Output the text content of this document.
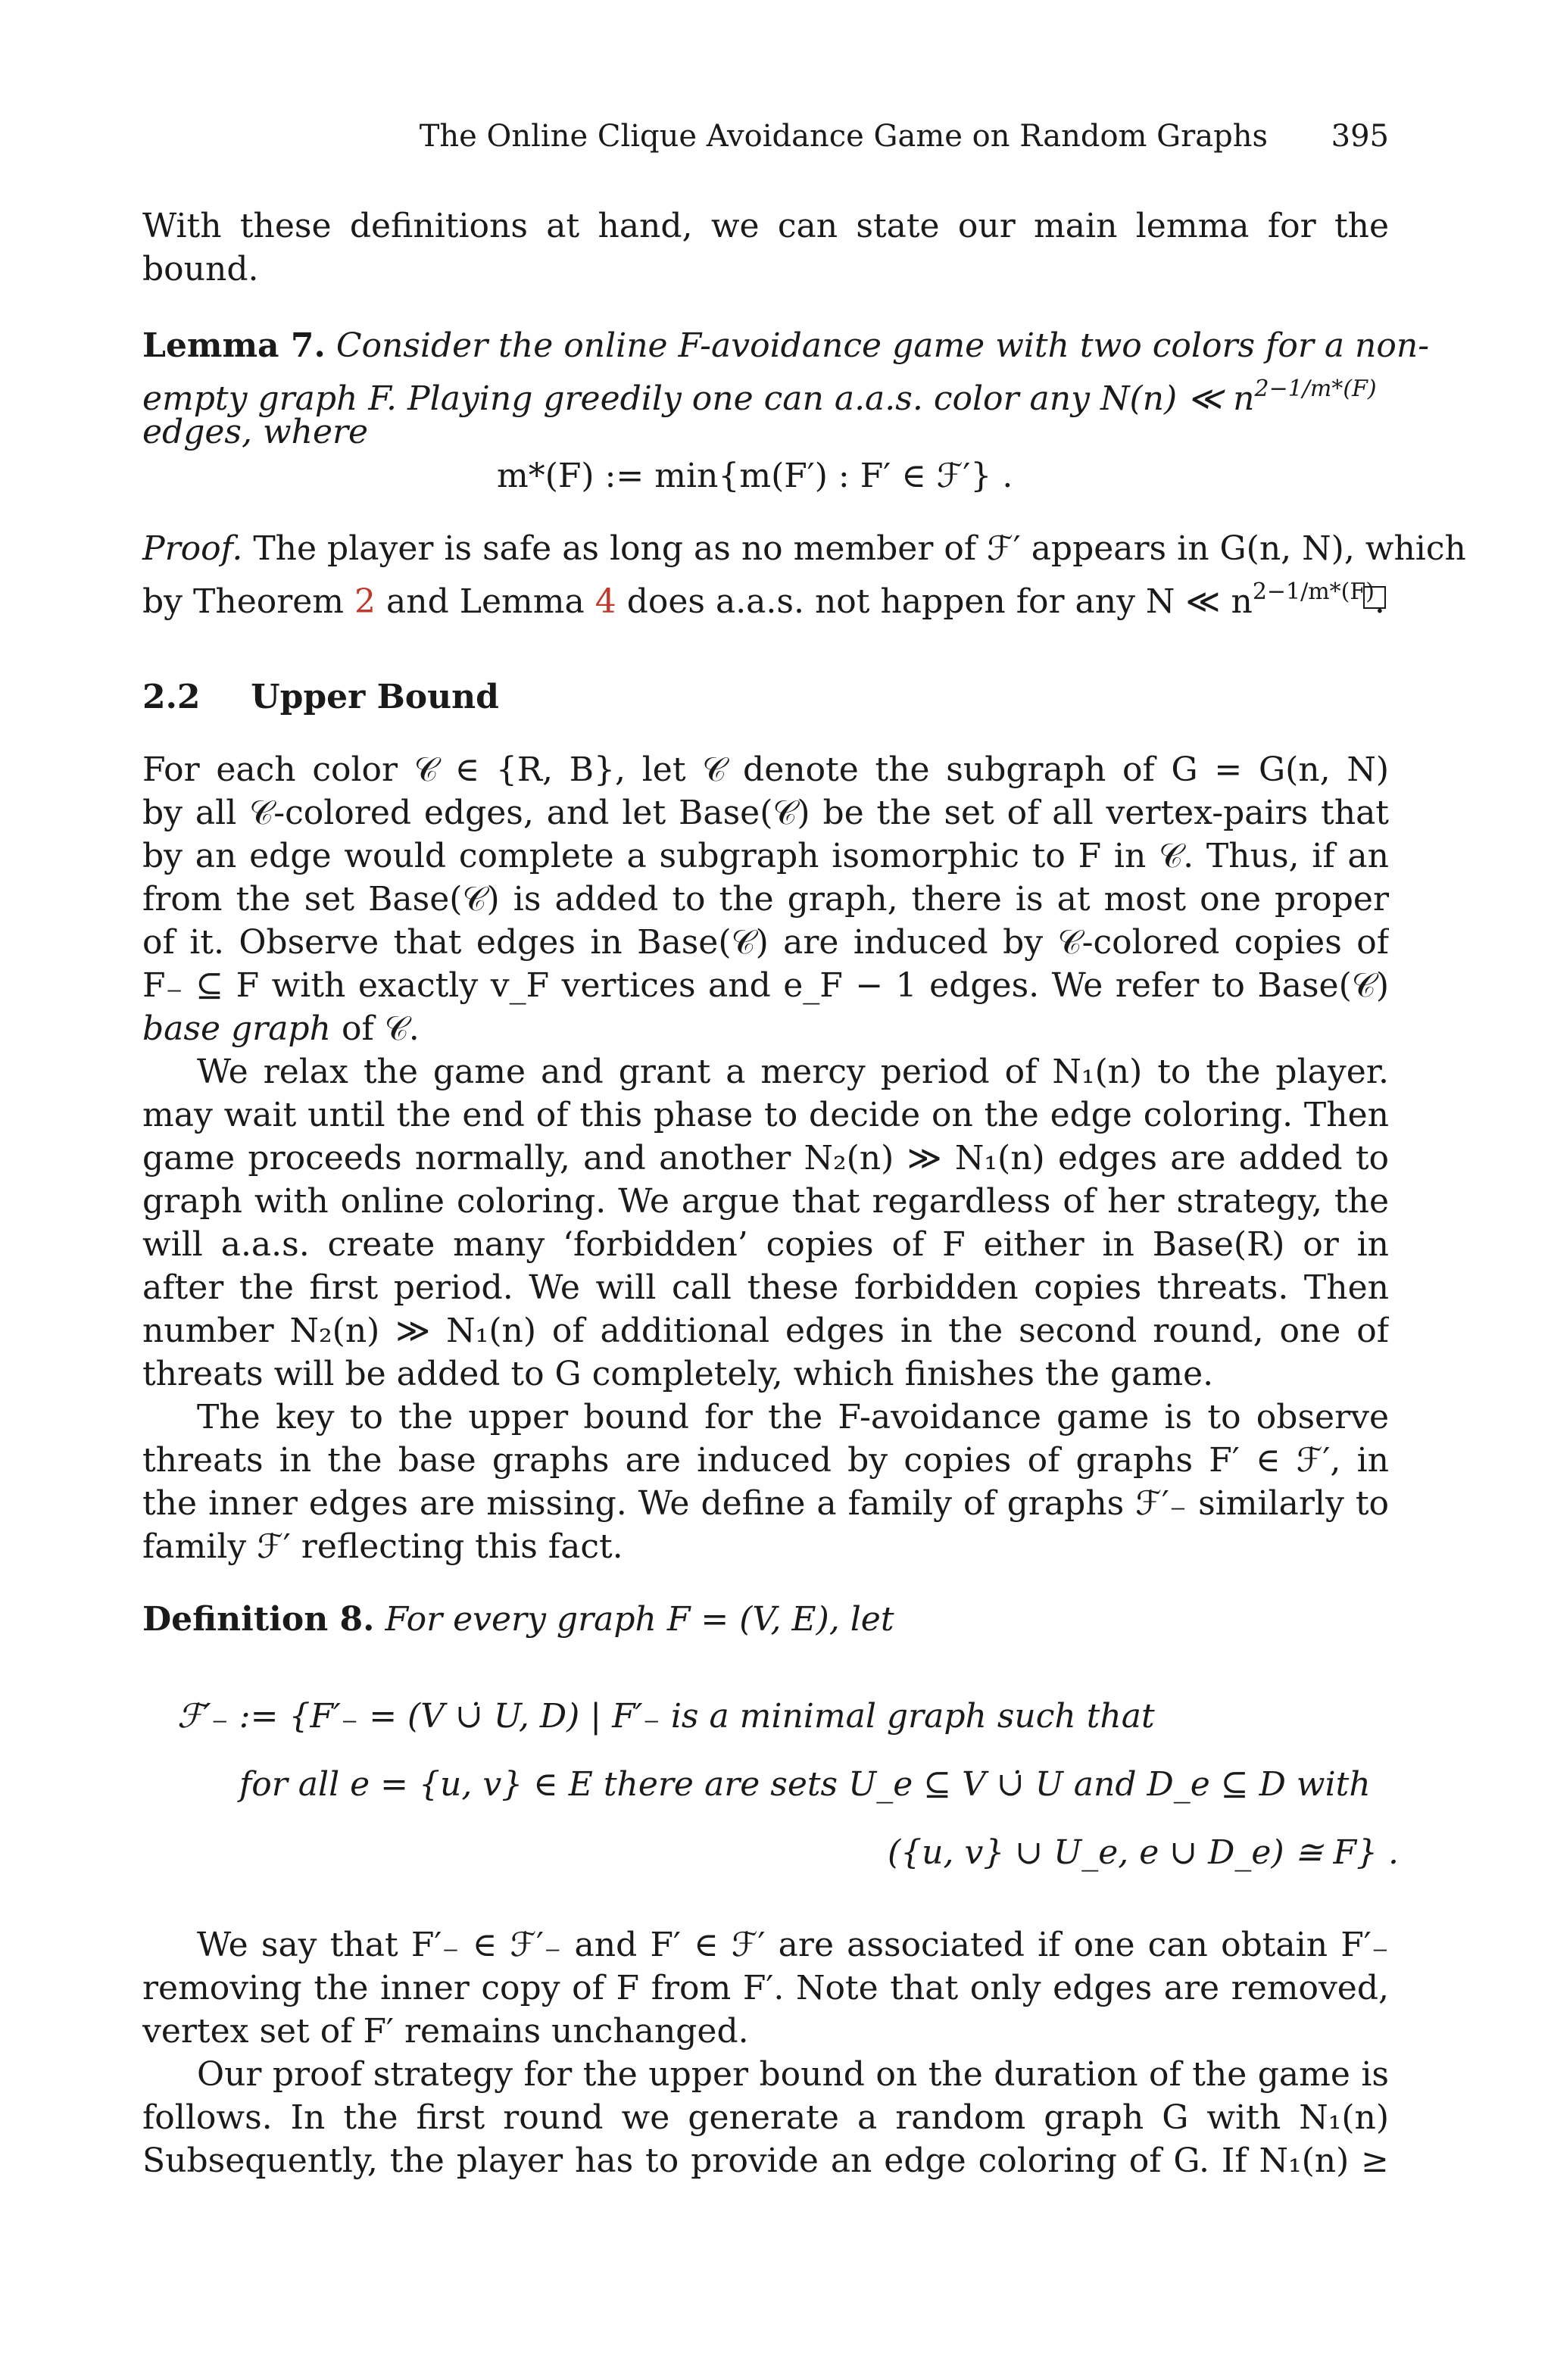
The Online Clique Avoidance Game on Random Graphs 395
With these definitions at hand, we can state our main lemma for the
bound.
Lemma 7. Consider the online F-avoidance game with two colors for a non-
empty graph F. Playing greedily one can a.a.s. color any N(n) ≪ $n^{2-1/m*(F)}$
edges, where
m*(F) := min{m(F′) : F′ ∈ ℱ′} .
Proof. The player is safe as long as no member of ℱ′ appears in G(n, N), which
by Theorem 2 and Lemma 4 does a.a.s. not happen for any N ≪ $n^{2-1/m*(F)}$.
2.2 Upper Bound
For each color 𝒞 ∈ {R, B}, let 𝒞 denote the subgraph of G = G(n, N)
by all 𝒞-colored edges, and let Base(𝒞) be the set of all vertex-pairs that
by an edge would complete a subgraph isomorphic to F in 𝒞. Thus, if an
from the set Base(𝒞) is added to the graph, there is at most one proper
of it. Observe that edges in Base(𝒞) are induced by 𝒞-colored copies of
F₋ ⊆ F with exactly v_F vertices and e_F − 1 edges. We refer to Base(𝒞)
base graph of 𝒞.
We relax the game and grant a mercy period of N₁(n) to the player.
may wait until the end of this phase to decide on the edge coloring. Then
game proceeds normally, and another N₂(n) ≫ N₁(n) edges are added to
graph with online coloring. We argue that regardless of her strategy, the
will a.a.s. create many ‘forbidden’ copies of F either in Base(R) or in
after the first period. We will call these forbidden copies threats. Then
number N₂(n) ≫ N₁(n) of additional edges in the second round, one of
threats will be added to G completely, which finishes the game.
The key to the upper bound for the F-avoidance game is to observe
threats in the base graphs are induced by copies of graphs F′ ∈ ℱ′, in
the inner edges are missing. We define a family of graphs ℱ′₋ similarly to
family ℱ′ reflecting this fact.
Definition 8. For every graph F = (V, E), let
ℱ′₋ := {F′₋ = (V ∪̇ U, D) | F′₋ is a minimal graph such that
for all e = {u, v} ∈ E there are sets U_e ⊆ V ∪̇ U and D_e ⊆ D with
({u, v} ∪ U_e, e ∪ D_e) ≅ F} .
We say that F′₋ ∈ ℱ′₋ and F′ ∈ ℱ′ are associated if one can obtain F′₋
removing the inner copy of F from F′. Note that only edges are removed,
vertex set of F′ remains unchanged.
Our proof strategy for the upper bound on the duration of the game is
follows. In the first round we generate a random graph G with N₁(n)
Subsequently, the player has to provide an edge coloring of G. If N₁(n) ≥
